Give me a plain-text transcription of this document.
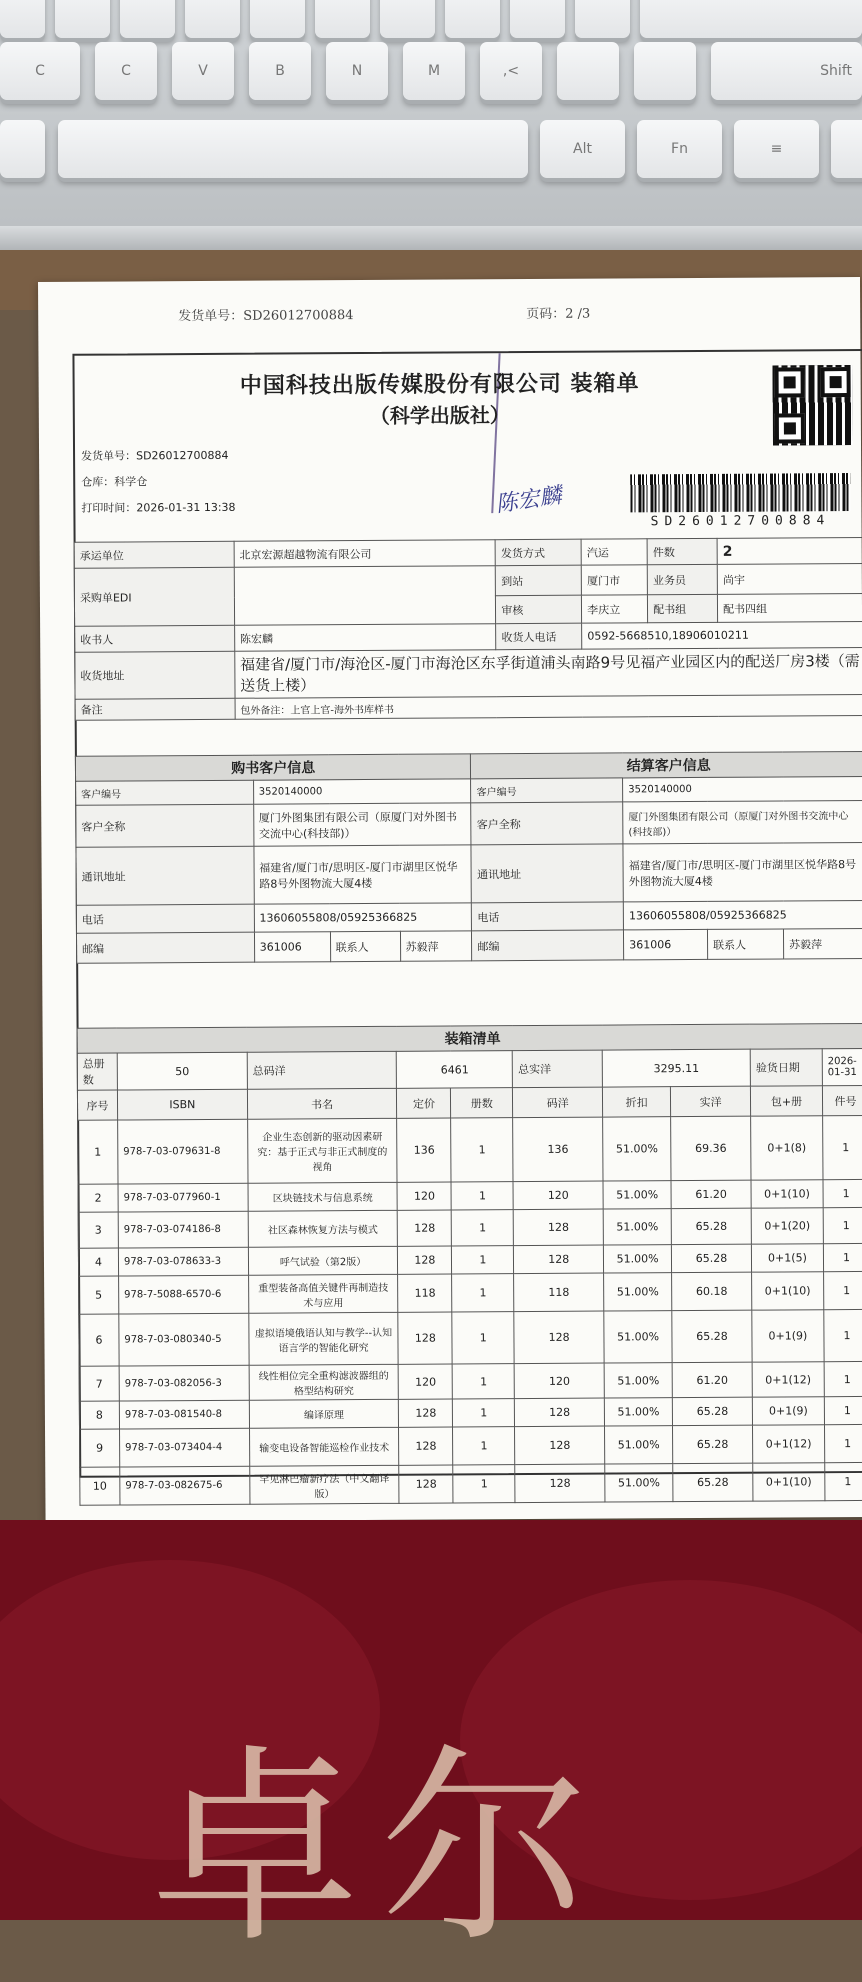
C	C	V	B	N	M	,<	Shift
Alt	Fn	≡
发货单号：SD26012700884	页码：2 /3
中国科技出版传媒股份有限公司 装箱单
（科学出版社）
发货单号：SD26012700884
仓库：科学仓
打印时间：2026-01-31 13:38	陈宏麟
SD26012700884
承运单位	北京宏源超越物流有限公司	发货方式	汽运	件数	2
采购单EDI		到站	厦门市	业务员	尚宇
		审核	李庆立	配书组	配书四组
收书人	陈宏麟	收货人电话	0592-5668510,18906010211		
收货地址	福建省/厦门市/海沧区-厦门市海沧区东孚街道浦头南路9号见福产业园区内的配送厂房3楼（需送货上楼）				
备注	包外备注：上官上官-海外书库样书				
购书客户信息				结算客户信息			
客户编号	3520140000			客户编号	3520140000		
客户全称	厦门外图集团有限公司（原厦门对外图书交流中心(科技部)）			客户全称	厦门外图集团有限公司（原厦门对外图书交流中心(科技部)）		
通讯地址	福建省/厦门市/思明区-厦门市湖里区悦华路8号外图物流大厦4楼			通讯地址	福建省/厦门市/思明区-厦门市湖里区悦华路8号外图物流大厦4楼		
电话	13606055808/05925366825			电话	13606055808/05925366825		
邮编	361006	联系人	苏毅萍	邮编	361006	联系人	苏毅萍
装箱清单									
总册数	50	总码洋	6461		总实洋	3295.11		验货日期	2026-01-31
序号	ISBN	书名	定价	册数	码洋	折扣	实洋	包+册	件号
1	978-7-03-079631-8	企业生态创新的驱动因素研究：基于正式与非正式制度的视角	136	1	136	51.00%	69.36	0+1(8)	1
2	978-7-03-077960-1	区块链技术与信息系统	120	1	120	51.00%	61.20	0+1(10)	1
3	978-7-03-074186-8	社区森林恢复方法与模式	128	1	128	51.00%	65.28	0+1(20)	1
4	978-7-03-078633-3	呼气试验（第2版）	128	1	128	51.00%	65.28	0+1(5)	1
5	978-7-5088-6570-6	重型装备高值关键件再制造技术与应用	118	1	118	51.00%	60.18	0+1(10)	1
6	978-7-03-080340-5	虚拟语境俄语认知与教学--认知语言学的智能化研究	128	1	128	51.00%	65.28	0+1(9)	1
7	978-7-03-082056-3	线性相位完全重构滤波器组的格型结构研究	120	1	120	51.00%	61.20	0+1(12)	1
8	978-7-03-081540-8	编译原理	128	1	128	51.00%	65.28	0+1(9)	1
9	978-7-03-073404-4	输变电设备智能巡检作业技术	128	1	128	51.00%	65.28	0+1(12)	1
10	978-7-03-082675-6	罕见淋巴瘤新疗法（中文翻译版）	128	1	128	51.00%	65.28	0+1(10)	1
卓尔
